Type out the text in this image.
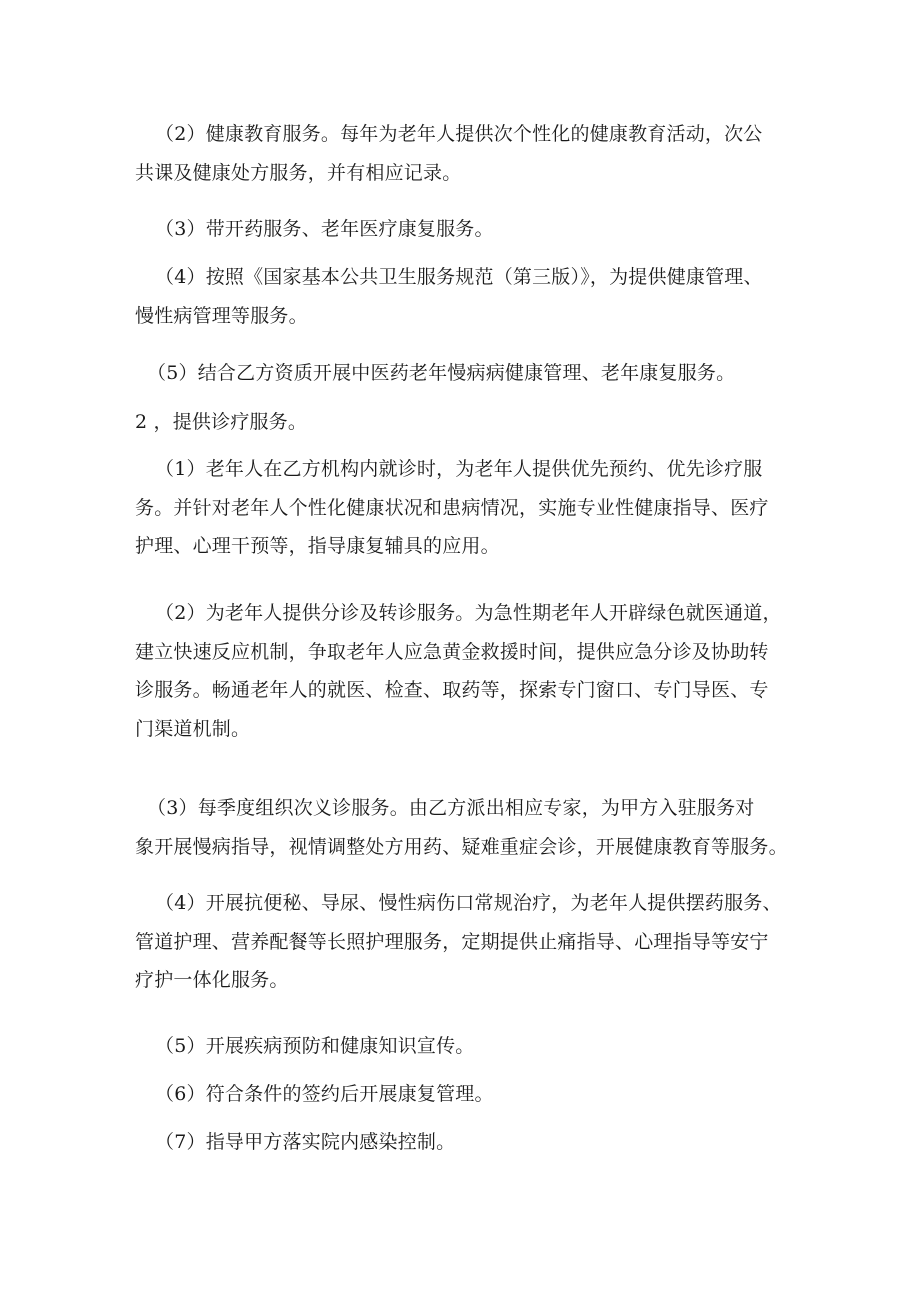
（2）健康教育服务。每年为老年人提供次个性化的健康教育活动，次公
共课及健康处方服务，并有相应记录。
（3）带开药服务、老年医疗康复服务。
（4）按照《国家基本公共卫生服务规范（第三版）》，为提供健康管理、
慢性病管理等服务。
（5）结合乙方资质开展中医药老年慢病病健康管理、老年康复服务。
2 ，提供诊疗服务。
（1）老年人在乙方机构内就诊时，为老年人提供优先预约、优先诊疗服
务。并针对老年人个性化健康状况和患病情况，实施专业性健康指导、医疗
护理、心理干预等，指导康复辅具的应用。
（2）为老年人提供分诊及转诊服务。为急性期老年人开辟绿色就医通道，
建立快速反应机制，争取老年人应急黄金救援时间，提供应急分诊及协助转
诊服务。畅通老年人的就医、检查、取药等，探索专门窗口、专门导医、专
门渠道机制。
（3）每季度组织次义诊服务。由乙方派出相应专家，为甲方入驻服务对
象开展慢病指导，视情调整处方用药、疑难重症会诊，开展健康教育等服务。
（4）开展抗便秘、导尿、慢性病伤口常规治疗，为老年人提供摆药服务、
管道护理、营养配餐等长照护理服务，定期提供止痛指导、心理指导等安宁
疗护一体化服务。
（5）开展疾病预防和健康知识宣传。
（6）符合条件的签约后开展康复管理。
（7）指导甲方落实院内感染控制。
